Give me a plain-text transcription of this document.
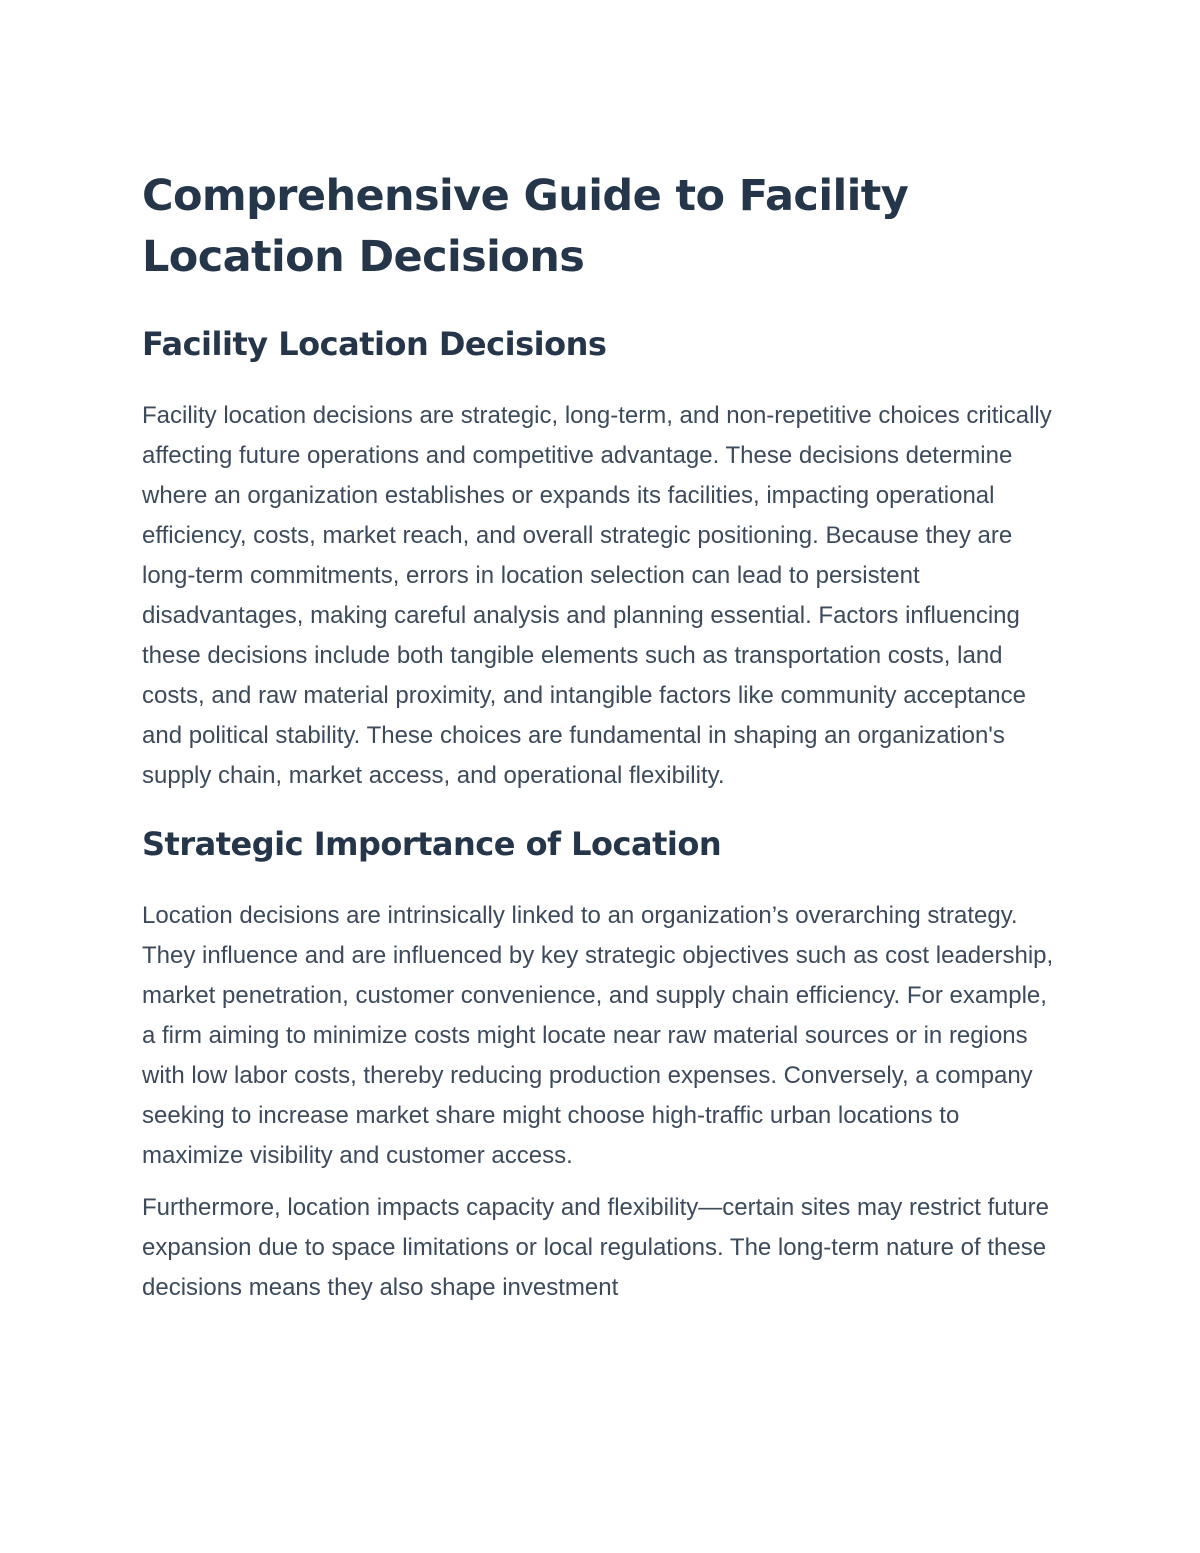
Comprehensive Guide to Facility Location Decisions
Facility Location Decisions

Facility location decisions are strategic, long-term, and non-repetitive choices critically affecting future operations and competitive advantage. These decisions determine where an organization establishes or expands its facilities, impacting operational efficiency, costs, market reach, and overall strategic positioning. Because they are long-term commitments, errors in location selection can lead to persistent disadvantages, making careful analysis and planning essential. Factors influencing these decisions include both tangible elements such as transportation costs, land costs, and raw material proximity, and intangible factors like community acceptance and political stability. These choices are fundamental in shaping an organization's supply chain, market access, and operational flexibility.

Strategic Importance of Location

Location decisions are intrinsically linked to an organization’s overarching strategy. They influence and are influenced by key strategic objectives such as cost leadership, market penetration, customer convenience, and supply chain efficiency. For example, a firm aiming to minimize costs might locate near raw material sources or in regions with low labor costs, thereby reducing production expenses. Conversely, a company seeking to increase market share might choose high-traffic urban locations to maximize visibility and customer access.

Furthermore, location impacts capacity and flexibility—certain sites may restrict future expansion due to space limitations or local regulations. The long-term nature of these decisions means they also shape investment
